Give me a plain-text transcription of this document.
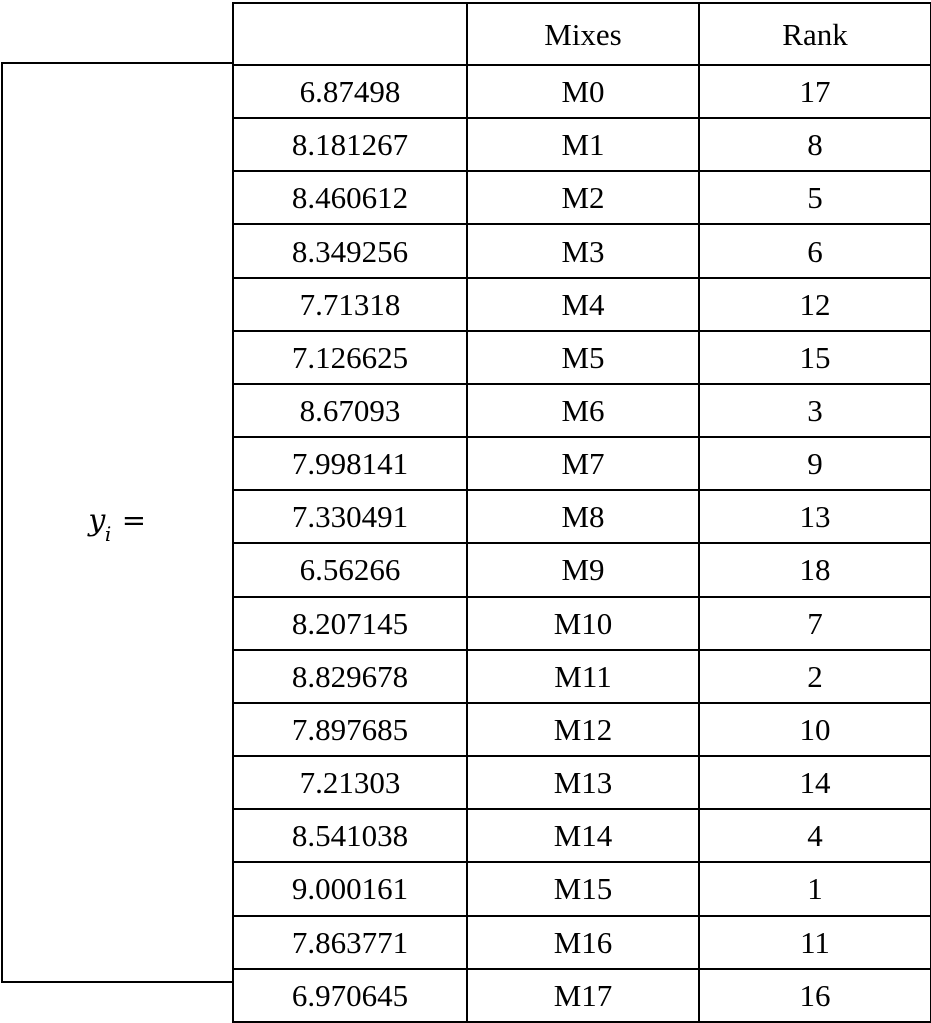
$y_i$ =
	Mixes	Rank
6.87498	M0	17
8.181267	M1	8
8.460612	M2	5
8.349256	M3	6
7.71318	M4	12
7.126625	M5	15
8.67093	M6	3
7.998141	M7	9
7.330491	M8	13
6.56266	M9	18
8.207145	M10	7
8.829678	M11	2
7.897685	M12	10
7.21303	M13	14
8.541038	M14	4
9.000161	M15	1
7.863771	M16	11
6.970645	M17	16
